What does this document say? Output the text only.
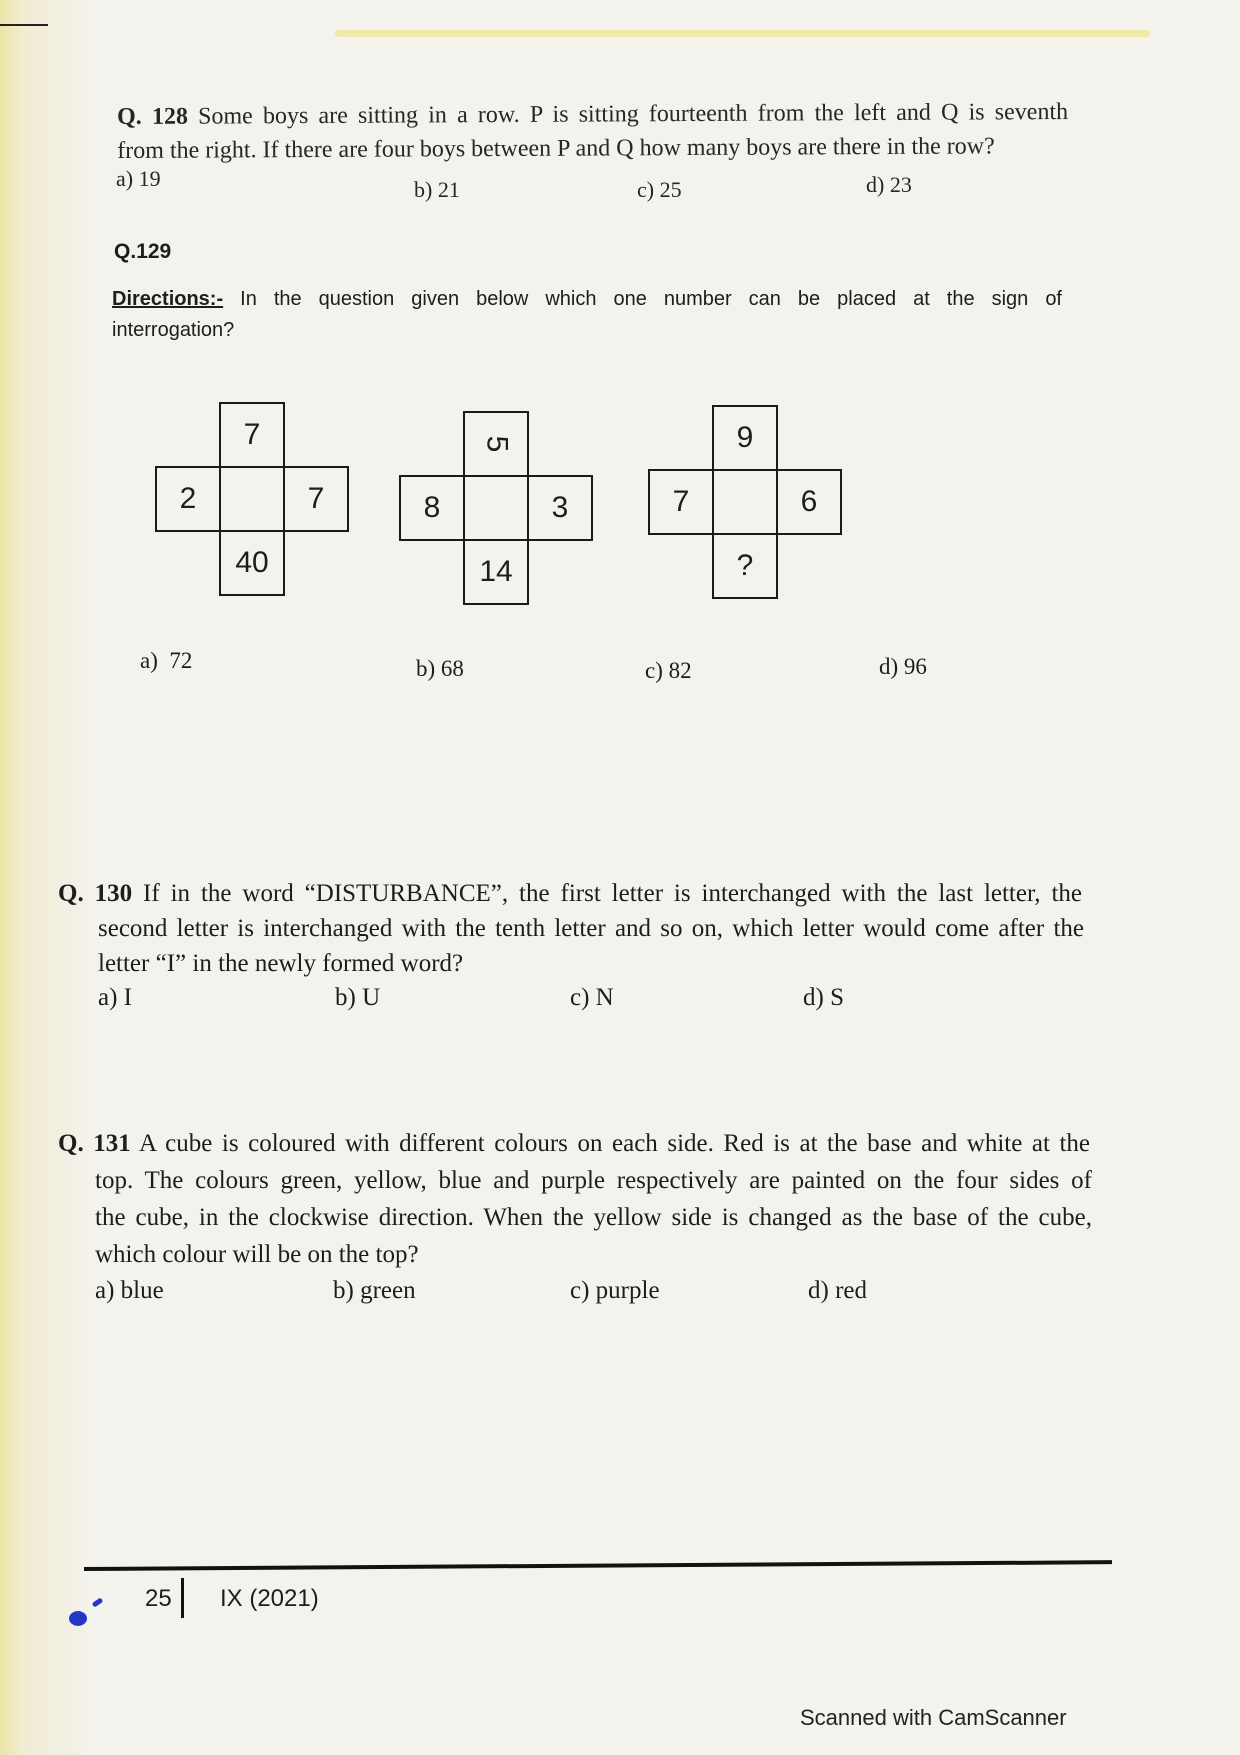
Q. 128 Some boys are sitting in a row. P is sitting fourteenth from the left and Q is seventh
from the right. If there are four boys between P and Q how many boys are there in the row?
a) 19	b) 21	c) 25	d) 23
Q.129
Directions:- In the question given below which one number can be placed at the sign of
interrogation?
7
2	7
40
5
8	3
14
9
7	6
?
a)  72	b) 68	c) 82	d) 96
Q. 130 If in the word “DISTURBANCE”, the first letter is interchanged with the last letter, the
second letter is interchanged with the tenth letter and so on, which letter would come after the
letter “I” in the newly formed word?
a) I	b) U	c) N	d) S
Q. 131 A cube is coloured with different colours on each side. Red is at the base and white at the
top. The colours green, yellow, blue and purple respectively are painted on the four sides of
the cube, in the clockwise direction. When the yellow side is changed as the base of the cube,
which colour will be on the top?
a) blue	b) green	c) purple	d) red
25 IX (2021)
Scanned with CamScanner
